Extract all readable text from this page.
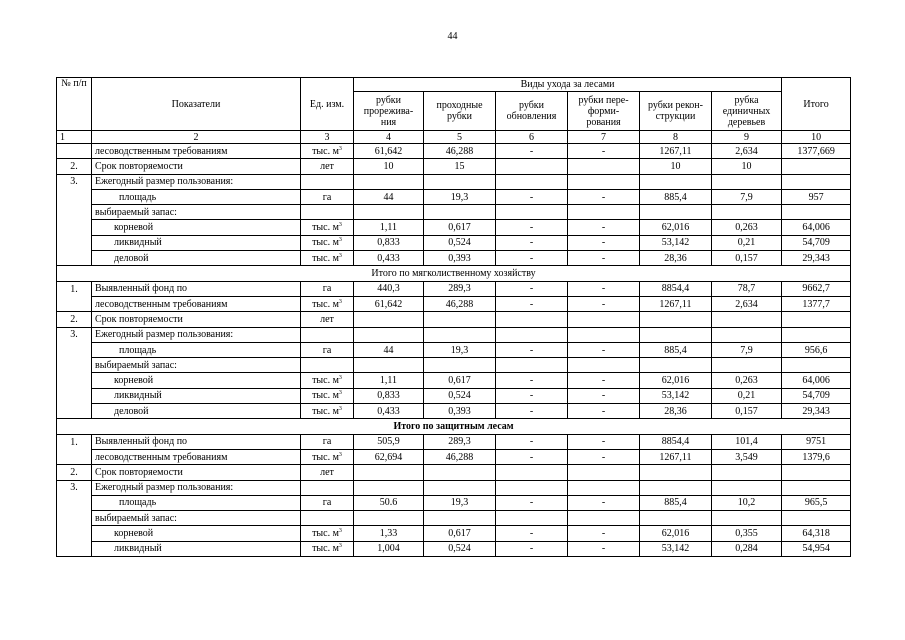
44
№ п/п	Показатели	Ед. изм.	Виды ухода за лесами						Итого
			рубки прорежива-ния	проходные рубки	рубки обновления	рубки пере-форми-рования	рубки рекон-струкции	рубка единичных деревьев	
1	2	3	4	5	6	7	8	9	10
	лесоводственным требованиям	тыс. $м^3$	61,642	46,288	-	-	1267,11	2,634	1377,669
2.	Срок повторяемости	лет	10	15			10	10	
3.	Ежегодный размер пользования:								
	площадь	га	44	19,3	-	-	885,4	7,9	957
	выбираемый запас:								
	корневой	тыс. $м^3$	1,11	0,617	-	-	62,016	0,263	64,006
	ликвидный	тыс. $м^3$	0,833	0,524	-	-	53,142	0,21	54,709
	деловой	тыс. $м^3$	0,433	0,393	-	-	28,36	0,157	29,343
Итого по мягколиственному хозяйству									
1.	Выявленный фонд по	га	440,3	289,3	-	-	8854,4	78,7	9662,7
	лесоводственным требованиям	тыс. $м^3$	61,642	46,288	-	-	1267,11	2,634	1377,7
2.	Срок повторяемости	лет							
3.	Ежегодный размер пользования:								
	площадь	га	44	19,3	-	-	885,4	7,9	956,6
	выбираемый запас:								
	корневой	тыс. $м^3$	1,11	0,617	-	-	62,016	0,263	64,006
	ликвидный	тыс. $м^3$	0,833	0,524	-	-	53,142	0,21	54,709
	деловой	тыс. $м^3$	0,433	0,393	-	-	28,36	0,157	29,343
Итого по защитным лесам									
1.	Выявленный фонд по	га	505,9	289,3	-	-	8854,4	101,4	9751
	лесоводственным требованиям	тыс. $м^3$	62,694	46,288	-	-	1267,11	3,549	1379,6
2.	Срок повторяемости	лет							
3.	Ежегодный размер пользования:								
	площадь	га	50.6	19,3	-	-	885,4	10,2	965,5
	выбираемый запас:								
	корневой	тыс. $м^3$	1,33	0,617	-	-	62,016	0,355	64,318
	ликвидный	тыс. $м^3$	1,004	0,524	-	-	53,142	0,284	54,954
